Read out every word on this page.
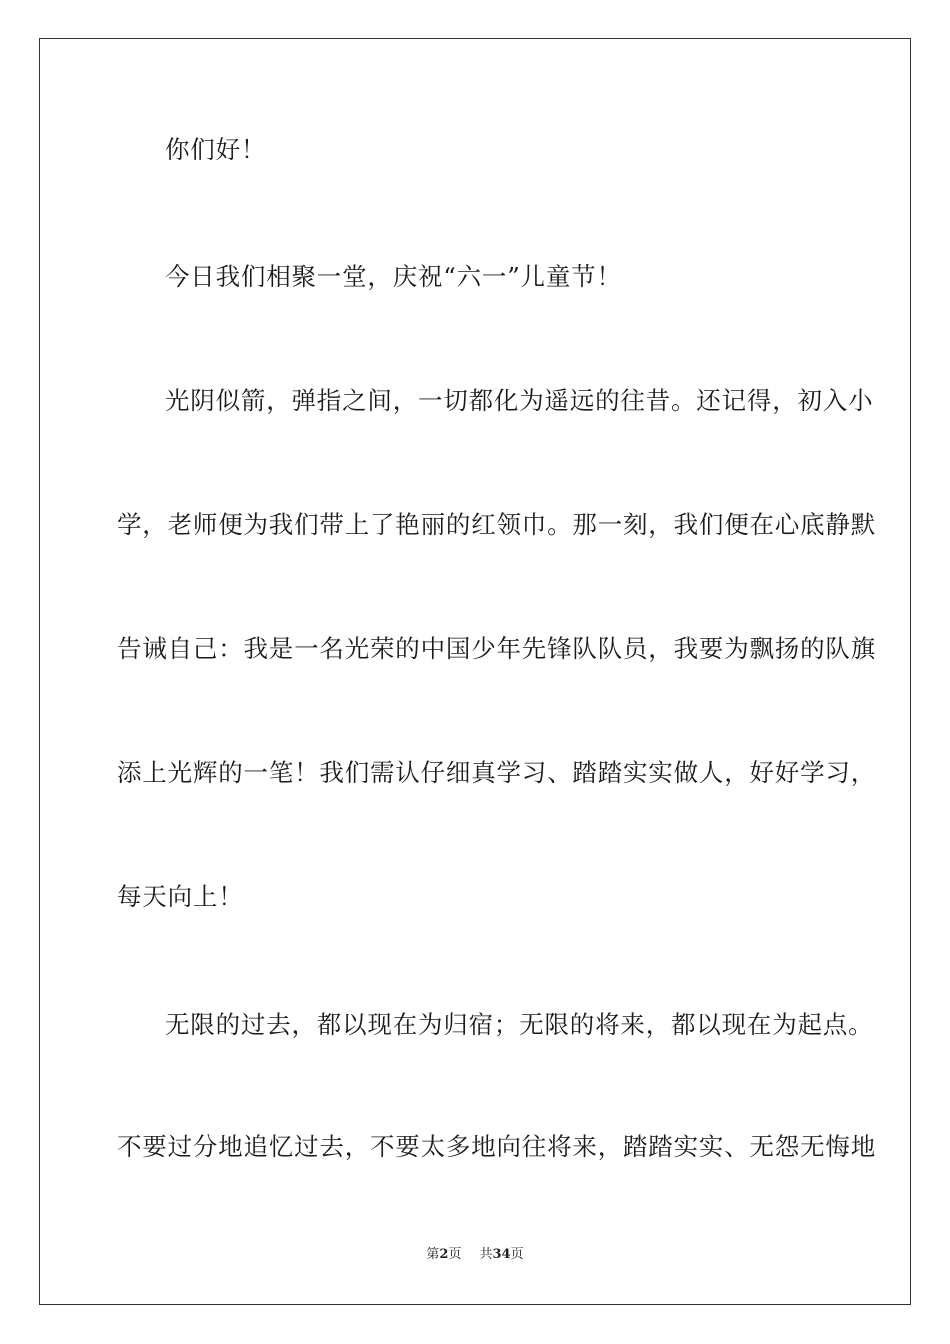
你们好！
今日我们相聚一堂，庆祝“六一”儿童节！
光阴似箭，弹指之间，一切都化为遥远的往昔。还记得，初入小
学，老师便为我们带上了艳丽的红领巾。那一刻，我们便在心底静默
告诫自己：我是一名光荣的中国少年先锋队队员，我要为飘扬的队旗
添上光辉的一笔！我们需认仔细真学习、踏踏实实做人，好好学习，
每天向上！
无限的过去，都以现在为归宿；无限的将来，都以现在为起点。
不要过分地追忆过去，不要太多地向往将来，踏踏实实、无怨无悔地
第2页 共34页
